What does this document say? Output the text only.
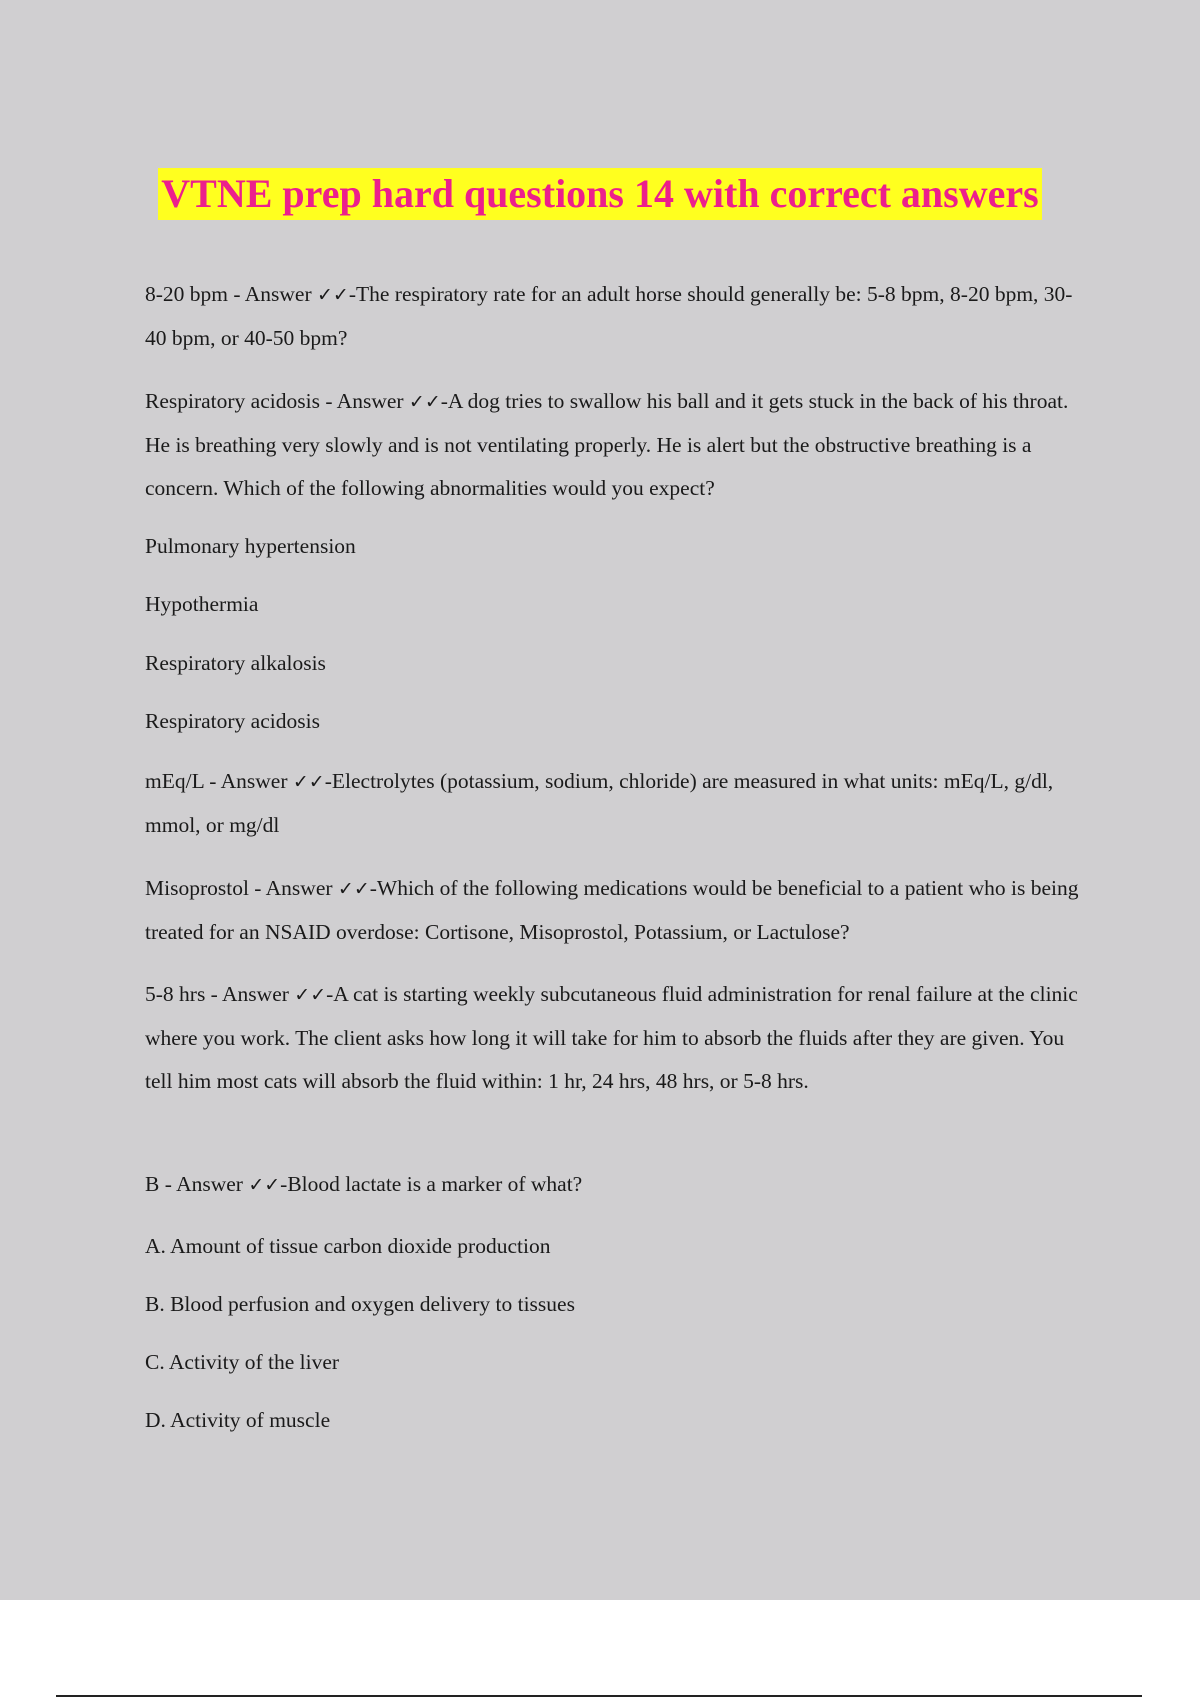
VTNE prep hard questions 14 with correct answers

8-20 bpm - Answer ✓✓-The respiratory rate for an adult horse should generally be: 5-8 bpm, 8-20 bpm, 30-40 bpm, or 40-50 bpm?

Respiratory acidosis - Answer ✓✓-A dog tries to swallow his ball and it gets stuck in the back of his throat. He is breathing very slowly and is not ventilating properly. He is alert but the obstructive breathing is a concern. Which of the following abnormalities would you expect?

Pulmonary hypertension

Hypothermia

Respiratory alkalosis

Respiratory acidosis

mEq/L - Answer ✓✓-Electrolytes (potassium, sodium, chloride) are measured in what units: mEq/L, g/dl, mmol, or mg/dl

Misoprostol - Answer ✓✓-Which of the following medications would be beneficial to a patient who is being treated for an NSAID overdose: Cortisone, Misoprostol, Potassium, or Lactulose?

5-8 hrs - Answer ✓✓-A cat is starting weekly subcutaneous fluid administration for renal failure at the clinic where you work. The client asks how long it will take for him to absorb the fluids after they are given. You tell him most cats will absorb the fluid within: 1 hr, 24 hrs, 48 hrs, or 5-8 hrs.

B - Answer ✓✓-Blood lactate is a marker of what?

A. Amount of tissue carbon dioxide production

B. Blood perfusion and oxygen delivery to tissues

C. Activity of the liver

D. Activity of muscle
